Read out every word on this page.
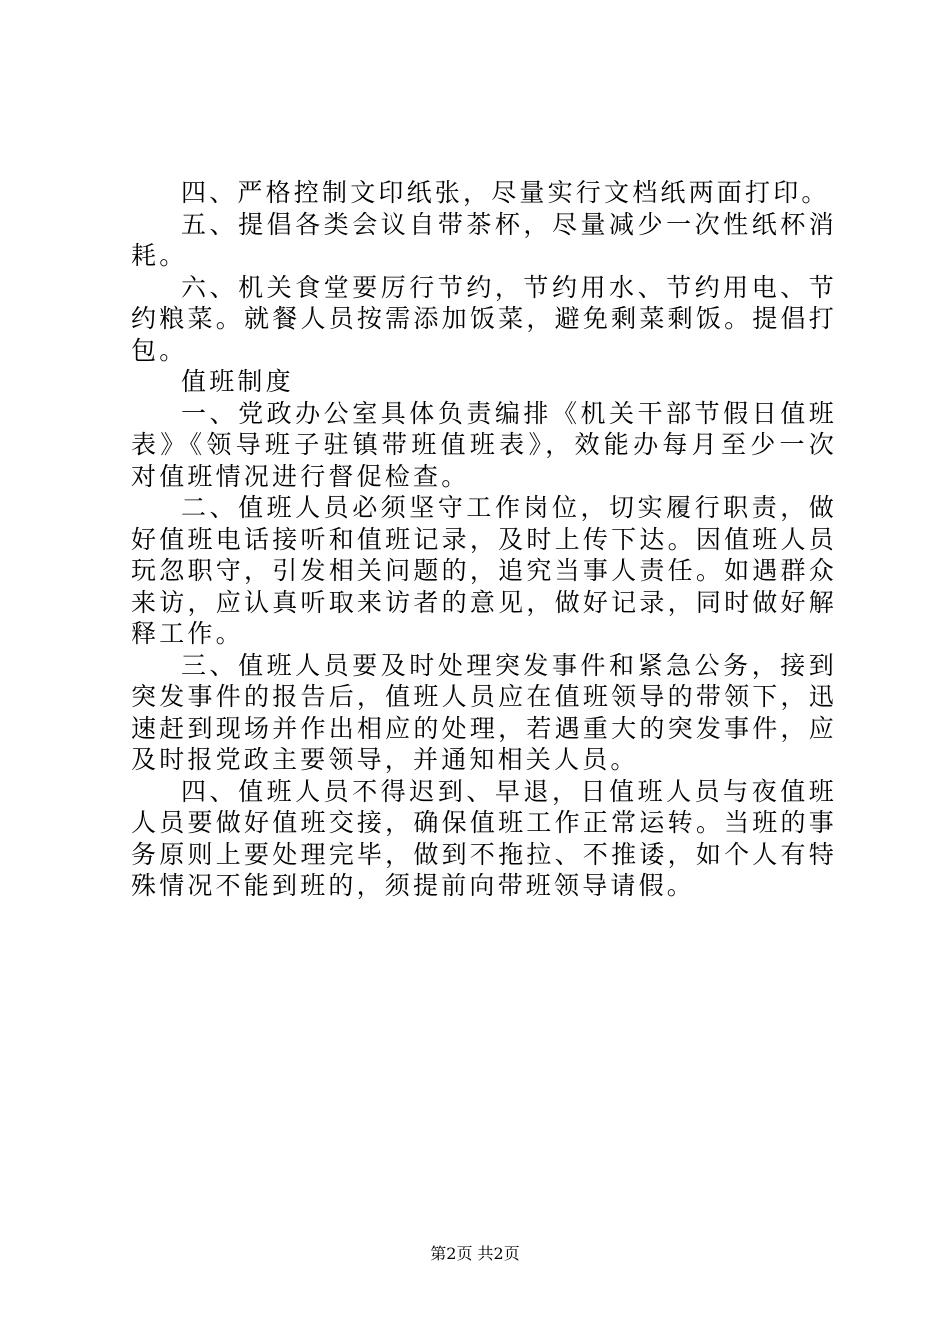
四、严格控制文印纸张，尽量实行文档纸两面打印。

五、提倡各类会议自带茶杯，尽量减少一次性纸杯消耗。

六、机关食堂要厉行节约，节约用水、节约用电、节约粮菜。就餐人员按需添加饭菜，避免剩菜剩饭。提倡打包。

值班制度

一、党政办公室具体负责编排《机关干部节假日值班表》《领导班子驻镇带班值班表》，效能办每月至少一次对值班情况进行督促检查。

二、值班人员必须坚守工作岗位，切实履行职责，做好值班电话接听和值班记录，及时上传下达。因值班人员玩忽职守，引发相关问题的，追究当事人责任。如遇群众来访，应认真听取来访者的意见，做好记录，同时做好解释工作。

三、值班人员要及时处理突发事件和紧急公务，接到突发事件的报告后，值班人员应在值班领导的带领下，迅速赶到现场并作出相应的处理，若遇重大的突发事件，应及时报党政主要领导，并通知相关人员。

四、值班人员不得迟到、早退，日值班人员与夜值班人员要做好值班交接，确保值班工作正常运转。当班的事务原则上要处理完毕，做到不拖拉、不推诿，如个人有特殊情况不能到班的，须提前向带班领导请假。

第2页 共2页
